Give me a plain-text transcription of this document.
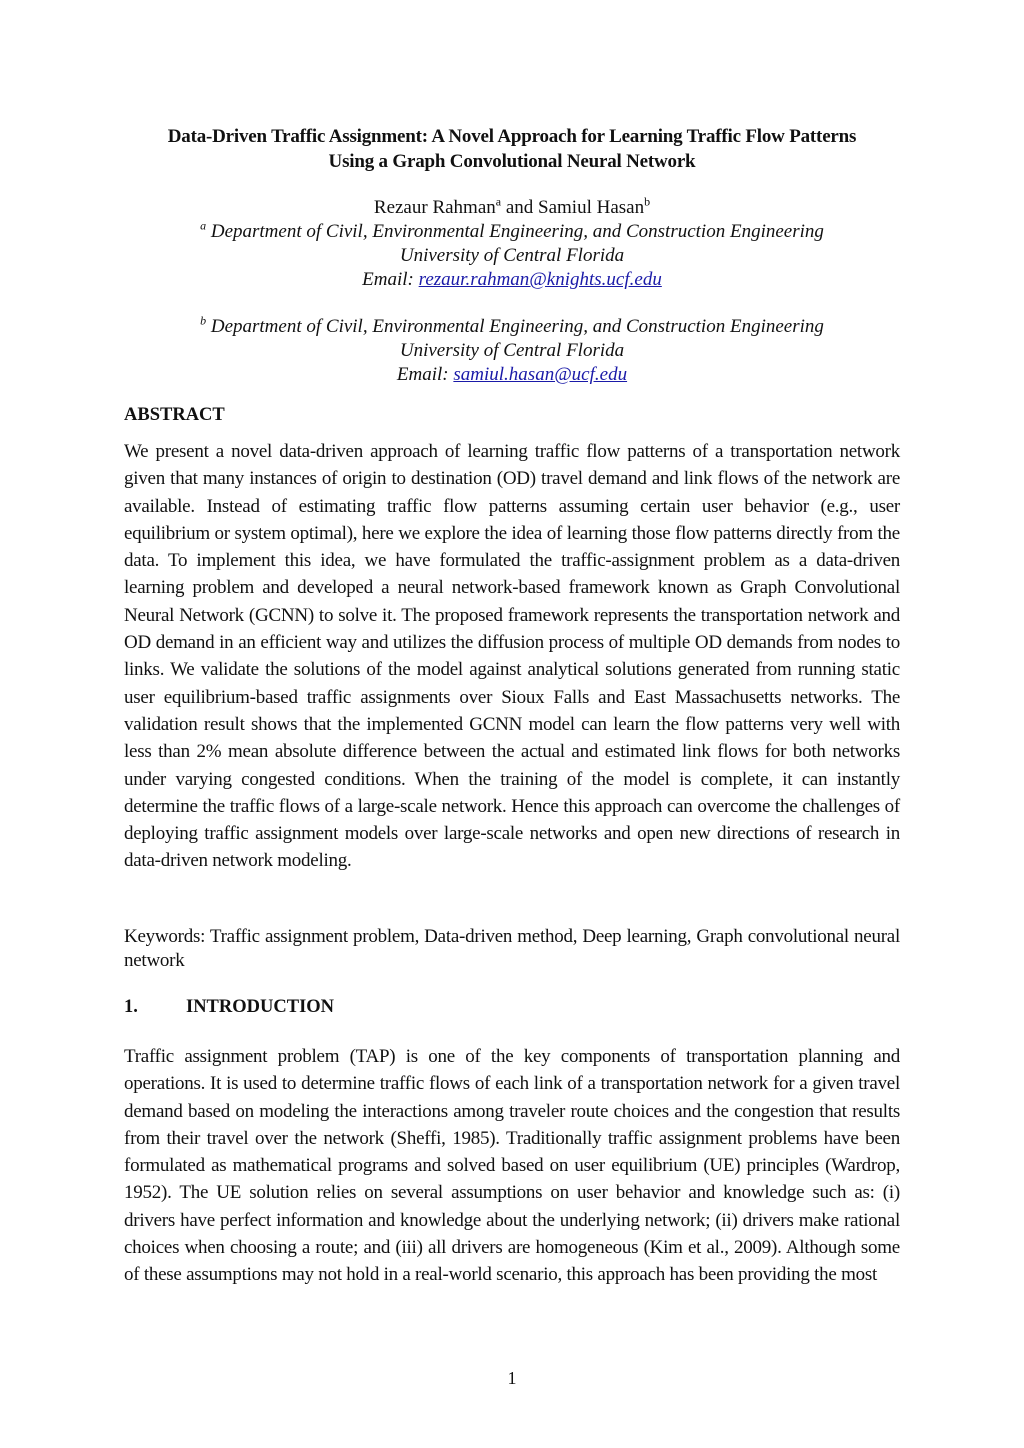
Data-Driven Traffic Assignment: A Novel Approach for Learning Traffic Flow Patterns
Using a Graph Convolutional Neural Network
Rezaur Rahman$^a$ and Samiul Hasan$^b$
$^a$ Department of Civil, Environmental Engineering, and Construction Engineering
University of Central Florida
Email: rezaur.rahman@knights.ucf.edu
$^b$ Department of Civil, Environmental Engineering, and Construction Engineering
University of Central Florida
Email: samiul.hasan@ucf.edu
ABSTRACT
We present a novel data-driven approach of learning traffic flow patterns of a transportation network given that many instances of origin to destination (OD) travel demand and link flows of the network are available. Instead of estimating traffic flow patterns assuming certain user behavior (e.g., user equilibrium or system optimal), here we explore the idea of learning those flow patterns directly from the data. To implement this idea, we have formulated the traffic-assignment problem as a data-driven learning problem and developed a neural network-based framework known as Graph Convolutional Neural Network (GCNN) to solve it. The proposed framework represents the transportation network and OD demand in an efficient way and utilizes the diffusion process of multiple OD demands from nodes to links. We validate the solutions of the model against analytical solutions generated from running static user equilibrium-based traffic assignments over Sioux Falls and East Massachusetts networks. The validation result shows that the implemented GCNN model can learn the flow patterns very well with less than 2% mean absolute difference between the actual and estimated link flows for both networks under varying congested conditions. When the training of the model is complete, it can instantly determine the traffic flows of a large-scale network. Hence this approach can overcome the challenges of deploying traffic assignment models over large-scale networks and open new directions of research in data-driven network modeling.
Keywords: Traffic assignment problem, Data-driven method, Deep learning, Graph convolutional neural network
1.	INTRODUCTION
Traffic assignment problem (TAP) is one of the key components of transportation planning and operations. It is used to determine traffic flows of each link of a transportation network for a given travel demand based on modeling the interactions among traveler route choices and the congestion that results from their travel over the network (Sheffi, 1985). Traditionally traffic assignment problems have been formulated as mathematical programs and solved based on user equilibrium (UE) principles (Wardrop, 1952). The UE solution relies on several assumptions on user behavior and knowledge such as: (i) drivers have perfect information and knowledge about the underlying network; (ii) drivers make rational choices when choosing a route; and (iii) all drivers are homogeneous (Kim et al., 2009). Although some of these assumptions may not hold in a real-world scenario, this approach has been providing the most
1
